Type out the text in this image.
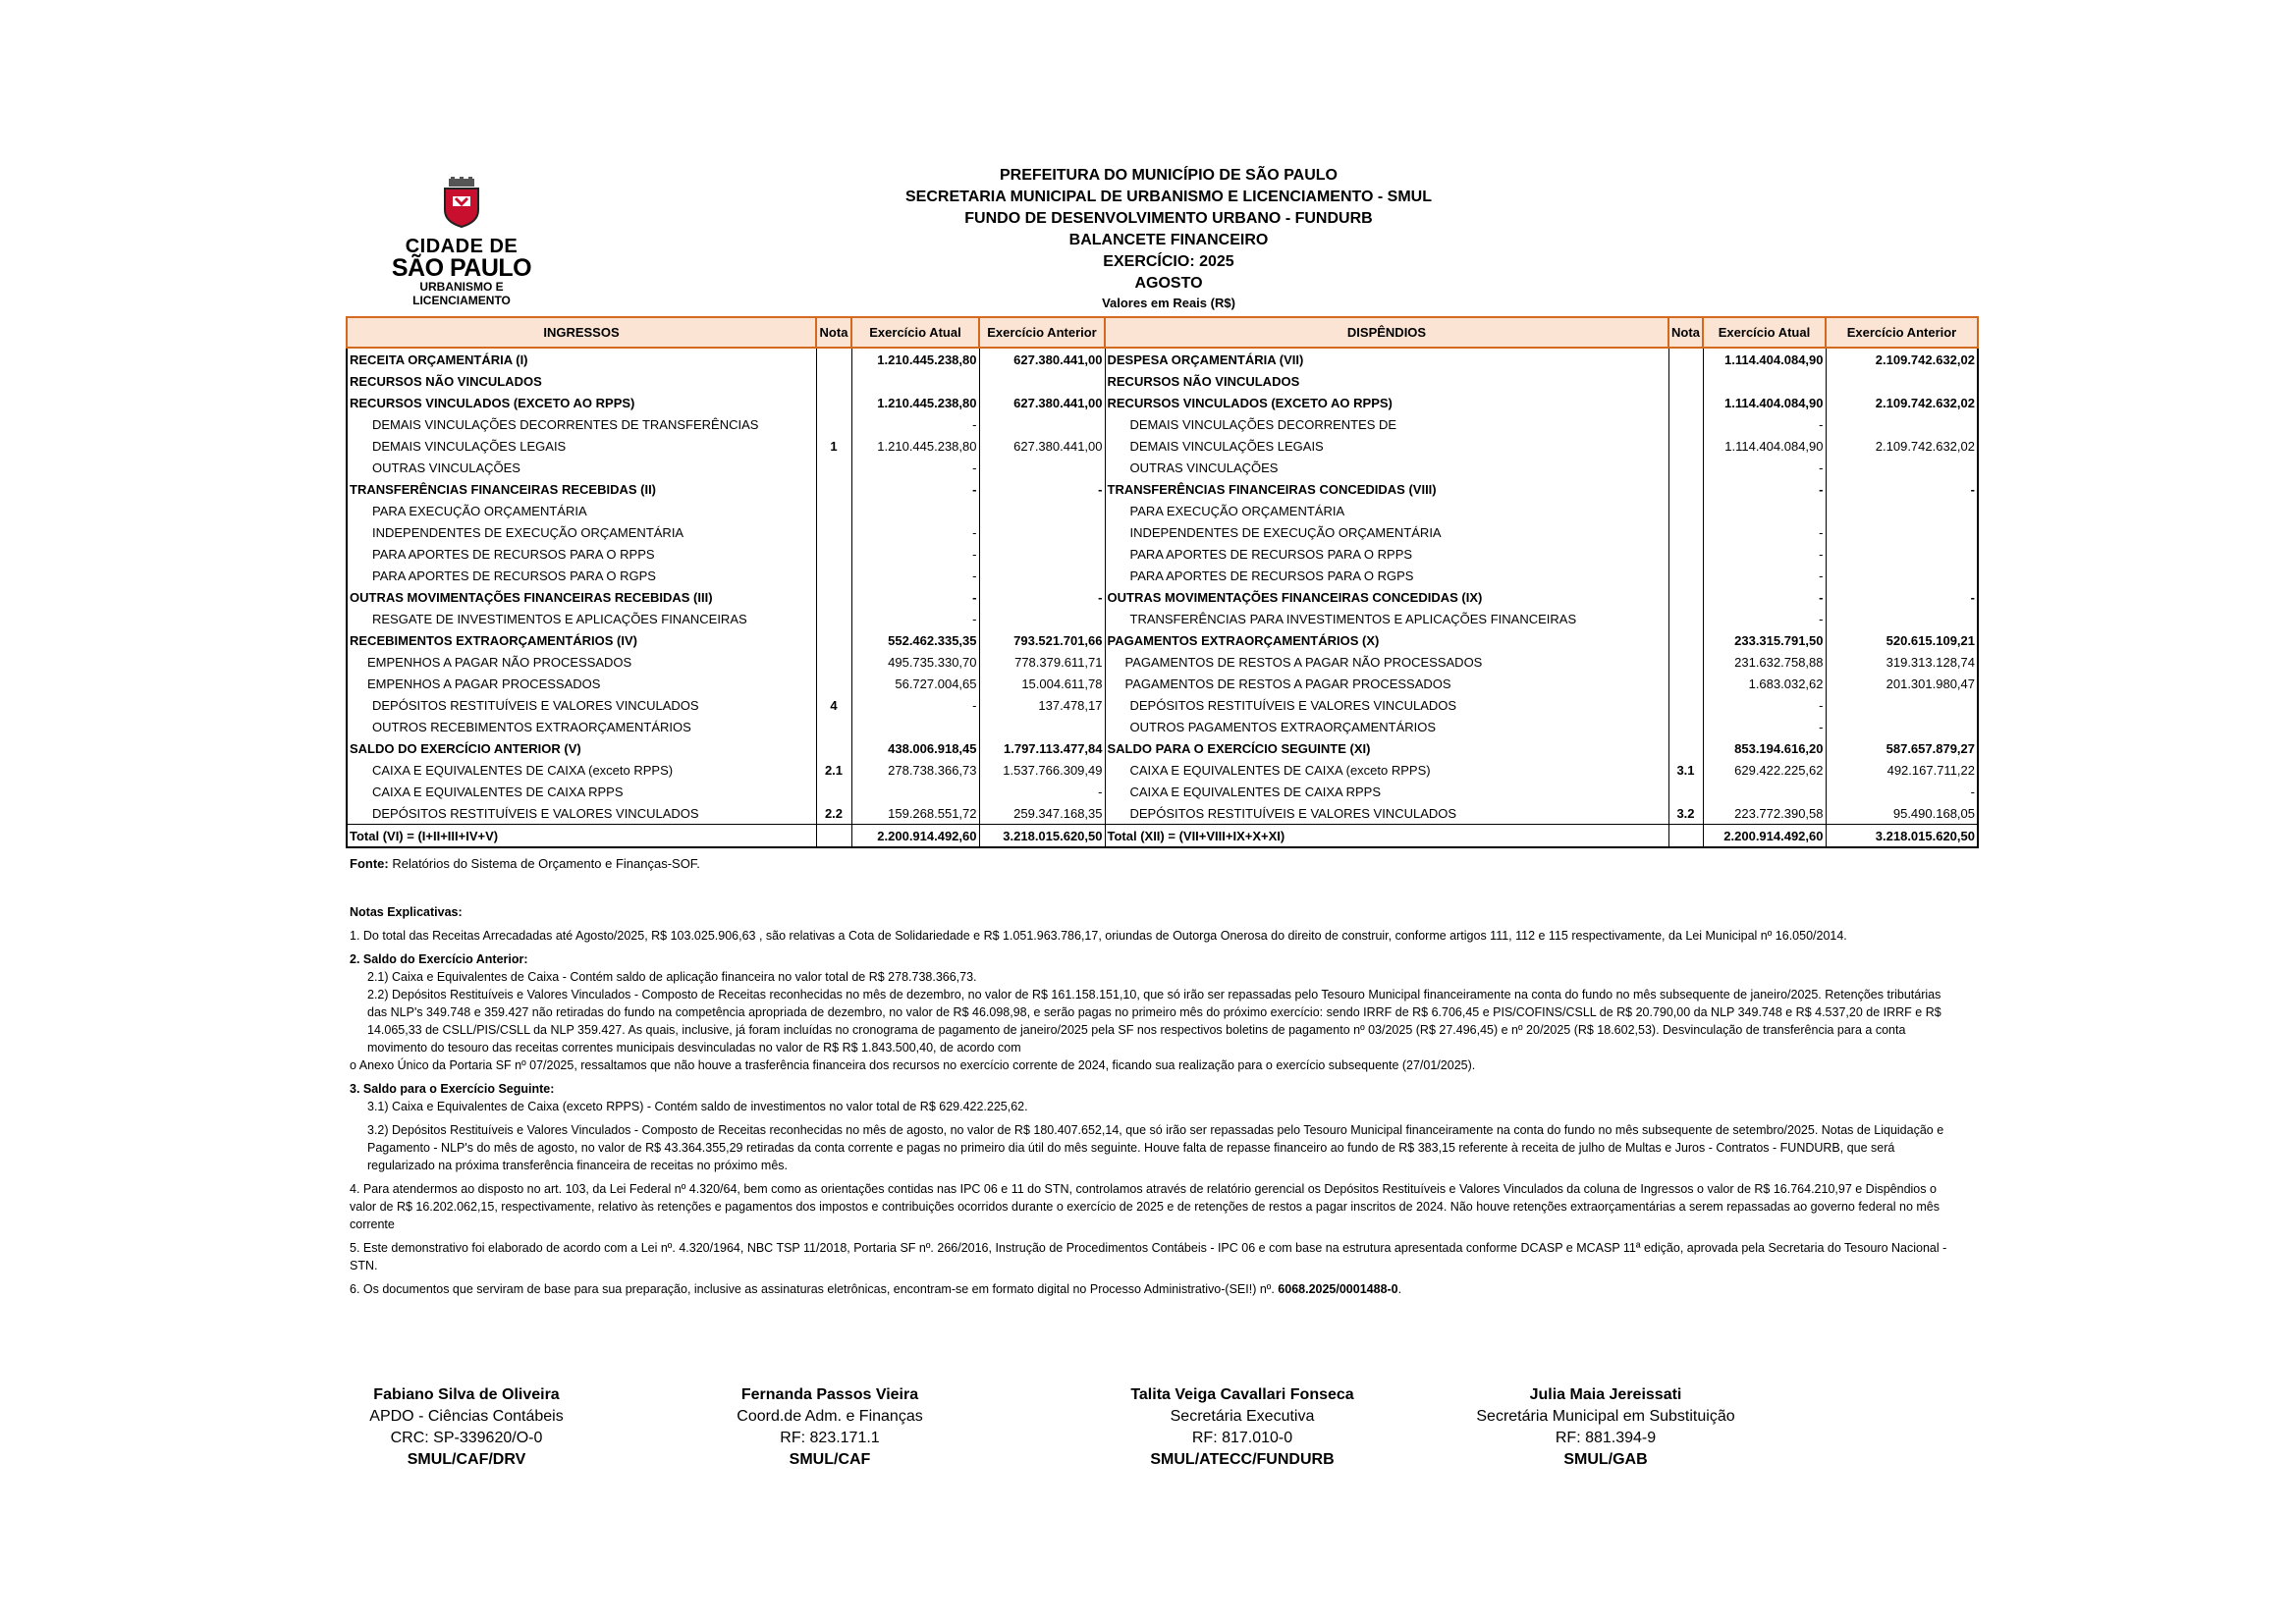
CIDADE DE
SÃO PAULO
URBANISMO E
LICENCIAMENTO
PREFEITURA DO MUNICÍPIO DE SÃO PAULO
SECRETARIA MUNICIPAL DE URBANISMO E LICENCIAMENTO - SMUL
FUNDO DE DESENVOLVIMENTO URBANO - FUNDURB
BALANCETE FINANCEIRO
EXERCÍCIO: 2025
AGOSTO
Valores em Reais (R$)
INGRESSOS	Nota	Exercício Atual	Exercício Anterior	DISPÊNDIOS	Nota	Exercício Atual	Exercício Anterior
RECEITA ORÇAMENTÁRIA (I)		1.210.445.238,80	627.380.441,00	DESPESA ORÇAMENTÁRIA (VII)		1.114.404.084,90	2.109.742.632,02
RECURSOS NÃO VINCULADOS				RECURSOS NÃO VINCULADOS			
RECURSOS VINCULADOS (EXCETO AO RPPS)		1.210.445.238,80	627.380.441,00	RECURSOS VINCULADOS (EXCETO AO RPPS)		1.114.404.084,90	2.109.742.632,02
DEMAIS VINCULAÇÕES DECORRENTES DE TRANSFERÊNCIAS		-		DEMAIS VINCULAÇÕES DECORRENTES DE		-	
DEMAIS VINCULAÇÕES LEGAIS	1	1.210.445.238,80	627.380.441,00	DEMAIS VINCULAÇÕES LEGAIS		1.114.404.084,90	2.109.742.632,02
OUTRAS VINCULAÇÕES		-		OUTRAS VINCULAÇÕES		-	
TRANSFERÊNCIAS FINANCEIRAS RECEBIDAS (II)		-	-	TRANSFERÊNCIAS FINANCEIRAS CONCEDIDAS (VIII)		-	-
PARA EXECUÇÃO ORÇAMENTÁRIA				PARA EXECUÇÃO ORÇAMENTÁRIA			
INDEPENDENTES DE EXECUÇÃO ORÇAMENTÁRIA		-		INDEPENDENTES DE EXECUÇÃO ORÇAMENTÁRIA		-	
PARA APORTES DE RECURSOS PARA O RPPS		-		PARA APORTES DE RECURSOS PARA O RPPS		-	
PARA APORTES DE RECURSOS PARA O RGPS		-		PARA APORTES DE RECURSOS PARA O RGPS		-	
OUTRAS MOVIMENTAÇÕES FINANCEIRAS RECEBIDAS (III)		-	-	OUTRAS MOVIMENTAÇÕES FINANCEIRAS CONCEDIDAS (IX)		-	-
RESGATE DE INVESTIMENTOS E APLICAÇÕES FINANCEIRAS		-		TRANSFERÊNCIAS PARA INVESTIMENTOS E APLICAÇÕES FINANCEIRAS		-	
RECEBIMENTOS EXTRAORÇAMENTÁRIOS (IV)		552.462.335,35	793.521.701,66	PAGAMENTOS EXTRAORÇAMENTÁRIOS (X)		233.315.791,50	520.615.109,21
EMPENHOS A PAGAR NÃO PROCESSADOS		495.735.330,70	778.379.611,71	PAGAMENTOS DE RESTOS A PAGAR NÃO PROCESSADOS		231.632.758,88	319.313.128,74
EMPENHOS A PAGAR PROCESSADOS		56.727.004,65	15.004.611,78	PAGAMENTOS DE RESTOS A PAGAR PROCESSADOS		1.683.032,62	201.301.980,47
DEPÓSITOS RESTITUÍVEIS E VALORES VINCULADOS	4	-	137.478,17	DEPÓSITOS RESTITUÍVEIS E VALORES VINCULADOS		-	
OUTROS RECEBIMENTOS EXTRAORÇAMENTÁRIOS				OUTROS PAGAMENTOS EXTRAORÇAMENTÁRIOS		-	
SALDO DO EXERCÍCIO ANTERIOR (V)		438.006.918,45	1.797.113.477,84	SALDO PARA O EXERCÍCIO SEGUINTE (XI)		853.194.616,20	587.657.879,27
CAIXA E EQUIVALENTES DE CAIXA (exceto RPPS)	2.1	278.738.366,73	1.537.766.309,49	CAIXA E EQUIVALENTES DE CAIXA (exceto RPPS)	3.1	629.422.225,62	492.167.711,22
CAIXA E EQUIVALENTES DE CAIXA RPPS			-	CAIXA E EQUIVALENTES DE CAIXA RPPS			-
DEPÓSITOS RESTITUÍVEIS E VALORES VINCULADOS	2.2	159.268.551,72	259.347.168,35	DEPÓSITOS RESTITUÍVEIS E VALORES VINCULADOS	3.2	223.772.390,58	95.490.168,05
Total (VI) = (I+II+III+IV+V)		2.200.914.492,60	3.218.015.620,50	Total (XII) = (VII+VIII+IX+X+XI)		2.200.914.492,60	3.218.015.620,50
Fonte: Relatórios do Sistema de Orçamento e Finanças-SOF.

Notas Explicativas:

1. Do total das Receitas Arrecadadas até Agosto/2025, R$ 103.025.906,63 , são relativas a Cota de Solidariedade e R$ 1.051.963.786,17, oriundas de Outorga Onerosa do direito de construir, conforme artigos 111, 112 e 115 respectivamente, da Lei Municipal nº 16.050/2014.

2. Saldo do Exercício Anterior:

2.1) Caixa e Equivalentes de Caixa - Contém saldo de aplicação financeira no valor total de R$ 278.738.366,73.

2.2) Depósitos Restituíveis e Valores Vinculados - Composto de Receitas reconhecidas no mês de dezembro, no valor de R$ 161.158.151,10, que só irão ser repassadas pelo Tesouro Municipal financeiramente na conta do fundo no mês subsequente de janeiro/2025. Retenções tributárias das NLP's 349.748 e 359.427 não retiradas do fundo na competência apropriada de dezembro, no valor de R$ 46.098,98, e serão pagas no primeiro mês do próximo exercício: sendo IRRF de R$ 6.706,45 e PIS/COFINS/CSLL de R$ 20.790,00 da NLP 349.748 e R$ 4.537,20 de IRRF e R$ 14.065,33 de CSLL/PIS/CSLL da NLP 359.427. As quais, inclusive, já foram incluídas no cronograma de pagamento de janeiro/2025 pela SF nos respectivos boletins de pagamento nº 03/2025 (R$ 27.496,45) e nº 20/2025 (R$ 18.602,53). Desvinculação de transferência para a conta movimento do tesouro das receitas correntes municipais desvinculadas no valor de R$ R$ 1.843.500,40, de acordo com

o Anexo Único da Portaria SF nº 07/2025, ressaltamos que não houve a trasferência financeira dos recursos no exercício corrente de 2024, ficando sua realização para o exercício subsequente (27/01/2025).

3. Saldo para o Exercício Seguinte:

3.1) Caixa e Equivalentes de Caixa (exceto RPPS) - Contém saldo de investimentos no valor total de R$ 629.422.225,62.

3.2) Depósitos Restituíveis e Valores Vinculados - Composto de Receitas reconhecidas no mês de agosto, no valor de R$ 180.407.652,14, que só irão ser repassadas pelo Tesouro Municipal financeiramente na conta do fundo no mês subsequente de setembro/2025. Notas de Liquidação e Pagamento - NLP's do mês de agosto, no valor de R$ 43.364.355,29 retiradas da conta corrente e pagas no primeiro dia útil do mês seguinte. Houve falta de repasse financeiro ao fundo de R$ 383,15 referente à receita de julho de Multas e Juros - Contratos - FUNDURB, que será regularizado na próxima transferência financeira de receitas no próximo mês.

4. Para atendermos ao disposto no art. 103, da Lei Federal nº 4.320/64, bem como as orientações contidas nas IPC 06 e 11 do STN, controlamos através de relatório gerencial os Depósitos Restituíveis e Valores Vinculados da coluna de Ingressos o valor de R$ 16.764.210,97 e Dispêndios o valor de R$ 16.202.062,15, respectivamente, relativo às retenções e pagamentos dos impostos e contribuições ocorridos durante o exercício de 2025 e de retenções de restos a pagar inscritos de 2024. Não houve retenções extraorçamentárias a serem repassadas ao governo federal no mês corrente

5. Este demonstrativo foi elaborado de acordo com a Lei nº. 4.320/1964, NBC TSP 11/2018, Portaria SF nº. 266/2016, Instrução de Procedimentos Contábeis - IPC 06 e com base na estrutura apresentada conforme DCASP e MCASP 11ª edição, aprovada pela Secretaria do Tesouro Nacional - STN.

6. Os documentos que serviram de base para sua preparação, inclusive as assinaturas eletrônicas, encontram-se em formato digital no Processo Administrativo-(SEI!) nº. 6068.2025/0001488-0.

Fabiano Silva de Oliveira
APDO - Ciências Contábeis
CRC: SP-339620/O-0
SMUL/CAF/DRV
Fernanda Passos Vieira
Coord.de Adm. e Finanças
RF: 823.171.1
SMUL/CAF
Talita Veiga Cavallari Fonseca
Secretária Executiva
RF: 817.010-0
SMUL/ATECC/FUNDURB
Julia Maia Jereissati
Secretária Municipal em Substituição
RF: 881.394-9
SMUL/GAB
